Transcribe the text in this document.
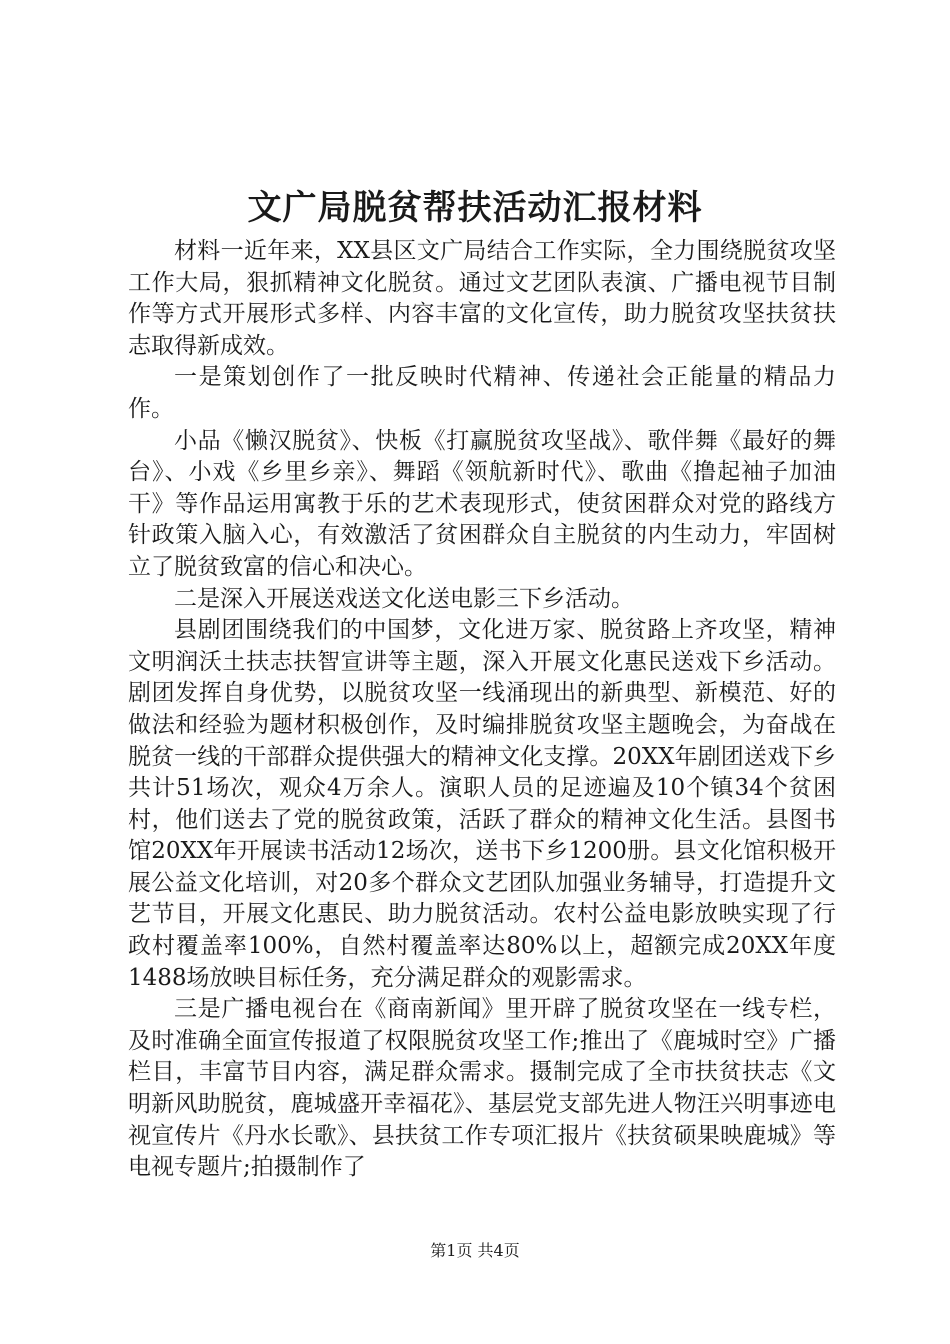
文广局脱贫帮扶活动汇报材料

材料一近年来，XX县区文广局结合工作实际，全力围绕脱贫攻坚工作大局，狠抓精神文化脱贫。通过文艺团队表演、广播电视节目制作等方式开展形式多样、内容丰富的文化宣传，助力脱贫攻坚扶贫扶志取得新成效。

一是策划创作了一批反映时代精神、传递社会正能量的精品力作。

小品《懒汉脱贫》、快板《打赢脱贫攻坚战》、歌伴舞《最好的舞台》、小戏《乡里乡亲》、舞蹈《领航新时代》、歌曲《撸起袖子加油干》等作品运用寓教于乐的艺术表现形式，使贫困群众对党的路线方针政策入脑入心，有效激活了贫困群众自主脱贫的内生动力，牢固树立了脱贫致富的信心和决心。

二是深入开展送戏送文化送电影三下乡活动。

县剧团围绕我们的中国梦，文化进万家、脱贫路上齐攻坚，精神文明润沃土扶志扶智宣讲等主题，深入开展文化惠民送戏下乡活动。剧团发挥自身优势，以脱贫攻坚一线涌现出的新典型、新模范、好的做法和经验为题材积极创作，及时编排脱贫攻坚主题晚会，为奋战在脱贫一线的干部群众提供强大的精神文化支撑。20XX年剧团送戏下乡共计51场次，观众4万余人。演职人员的足迹遍及10个镇34个贫困村，他们送去了党的脱贫政策，活跃了群众的精神文化生活。县图书馆20XX年开展读书活动12场次，送书下乡1200册。县文化馆积极开展公益文化培训，对20多个群众文艺团队加强业务辅导，打造提升文艺节目，开展文化惠民、助力脱贫活动。农村公益电影放映实现了行政村覆盖率100%，自然村覆盖率达80%以上，超额完成20XX年度1488场放映目标任务，充分满足群众的观影需求。

三是广播电视台在《商南新闻》里开辟了脱贫攻坚在一线专栏，及时准确全面宣传报道了权限脱贫攻坚工作;推出了《鹿城时空》广播栏目，丰富节目内容，满足群众需求。摄制完成了全市扶贫扶志《文明新风助脱贫，鹿城盛开幸福花》、基层党支部先进人物汪兴明事迹电视宣传片《丹水长歌》、县扶贫工作专项汇报片《扶贫硕果映鹿城》等电视专题片;拍摄制作了

第1页 共4页
